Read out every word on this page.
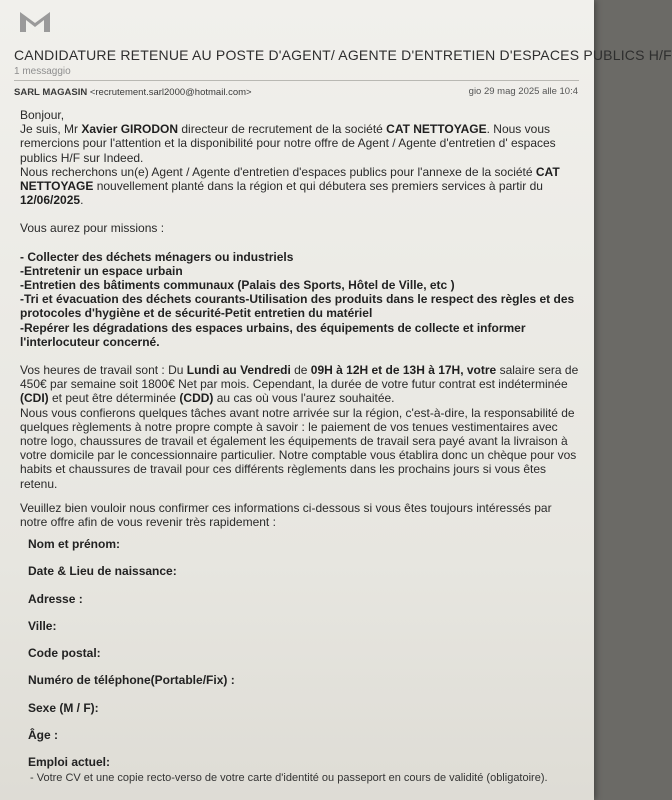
CANDIDATURE RETENUE AU POSTE D'AGENT/ AGENTE D'ENTRETIEN D'ESPACES PUBLICS H/F
1 messaggio
SARL MAGASIN <recrutement.sarl2000@hotmail.com>	gio 29 mag 2025 alle 10:4

Bonjour,

Je suis, Mr Xavier GIRODON directeur de recrutement de la société CAT NETTOYAGE. Nous vous remercions pour l'attention et la disponibilité pour notre offre de Agent / Agente d'entretien d' espaces publics H/F sur Indeed.

Nous recherchons un(e) Agent / Agente d'entretien d'espaces publics pour l'annexe de la société CAT NETTOYAGE nouvellement planté dans la région et qui débutera ses premiers services à partir du 12/06/2025.

Vous aurez pour missions :

- Collecter des déchets ménagers ou industriels

-Entretenir un espace urbain

-Entretien des bâtiments communaux (Palais des Sports, Hôtel de Ville, etc )

-Tri et évacuation des déchets courants-Utilisation des produits dans le respect des règles et des protocoles d'hygiène et de sécurité-Petit entretien du matériel

-Repérer les dégradations des espaces urbains, des équipements de collecte et informer l'interlocuteur concerné.

Vos heures de travail sont : Du Lundi au Vendredi de 09H à 12H et de 13H à 17H, votre salaire sera de 450€ par semaine soit 1800€ Net par mois. Cependant, la durée de votre futur contrat est indéterminée (CDI) et peut être déterminée (CDD) au cas où vous l'aurez souhaitée.

Nous vous confierons quelques tâches avant notre arrivée sur la région, c'est-à-dire, la responsabilité de quelques règlements à notre propre compte à savoir : le paiement de vos tenues vestimentaires avec notre logo, chaussures de travail et également les équipements de travail sera payé avant la livraison à votre domicile par le concessionnaire particulier. Notre comptable vous établira donc un chèque pour vos habits et chaussures de travail pour ces différents règlements dans les prochains jours si vous êtes retenu.

Veuillez bien vouloir nous confirmer ces informations ci-dessous si vous êtes toujours intéressés par notre offre afin de vous revenir très rapidement :

Nom et prénom:
Date & Lieu de naissance:
Adresse :
Ville:
Code postal:
Numéro de téléphone(Portable/Fix) :
Sexe (M / F):
Âge :
Emploi actuel:
- Votre CV et une copie recto-verso de votre carte d'identité ou passeport en cours de validité (obligatoire).
